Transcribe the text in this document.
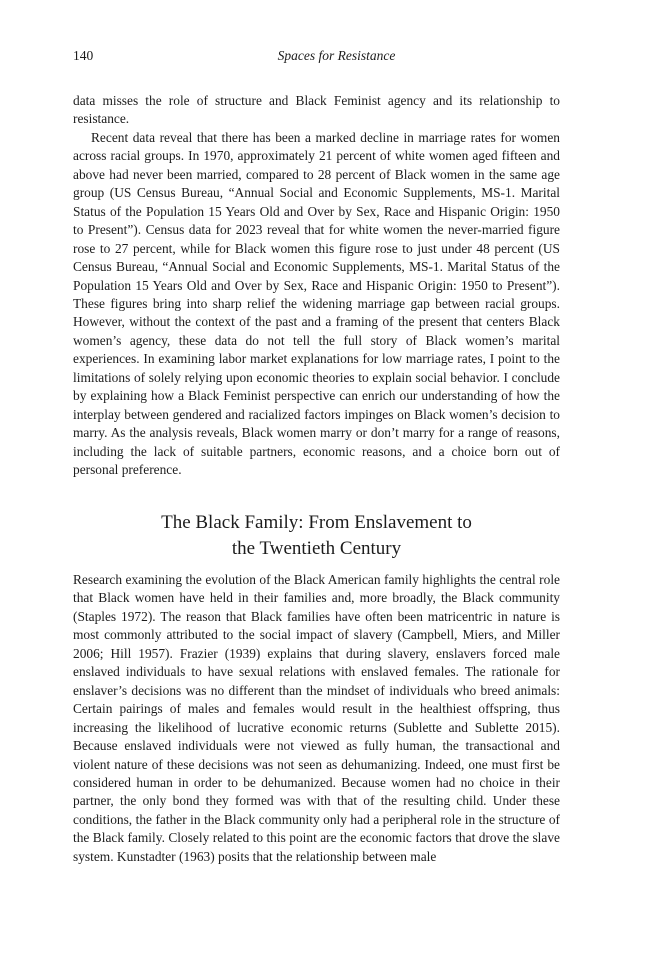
140	Spaces for Resistance

data misses the role of structure and Black Feminist agency and its relationship to resistance.

Recent data reveal that there has been a marked decline in marriage rates for women across racial groups. In 1970, approximately 21 percent of white women aged fifteen and above had never been married, compared to 28 percent of Black women in the same age group (US Census Bureau, “Annual Social and Economic Supplements, MS-1. Marital Status of the Population 15 Years Old and Over by Sex, Race and Hispanic Origin: 1950 to Present”). Census data for 2023 reveal that for white women the never-married figure rose to 27 percent, while for Black women this figure rose to just under 48 percent (US Census Bureau, “Annual Social and Economic Supplements, MS-1. Marital Status of the Population 15 Years Old and Over by Sex, Race and Hispanic Origin: 1950 to Present”). These figures bring into sharp relief the widening marriage gap between racial groups. However, without the context of the past and a framing of the present that centers Black women’s agency, these data do not tell the full story of Black women’s marital experiences. In examining labor market explanations for low marriage rates, I point to the limitations of solely relying upon economic theories to explain social behavior. I conclude by explaining how a Black Feminist perspective can enrich our understanding of how the interplay between gendered and racialized factors impinges on Black women’s decision to marry. As the analysis reveals, Black women marry or don’t marry for a range of reasons, including the lack of suitable partners, economic reasons, and a choice born out of personal preference.

The Black Family: From Enslavement to
the Twentieth Century

Research examining the evolution of the Black American family highlights the central role that Black women have held in their families and, more broadly, the Black community (Staples 1972). The reason that Black families have often been matricentric in nature is most commonly attributed to the social impact of slavery (Campbell, Miers, and Miller 2006; Hill 1957). Frazier (1939) explains that during slavery, enslavers forced male enslaved individuals to have sexual relations with enslaved females. The rationale for enslaver’s decisions was no different than the mindset of individuals who breed animals: Certain pairings of males and females would result in the healthiest offspring, thus increasing the likelihood of lucrative economic returns (Sublette and Sublette 2015). Because enslaved individuals were not viewed as fully human, the transactional and violent nature of these decisions was not seen as dehumanizing. Indeed, one must first be considered human in order to be dehumanized. Because women had no choice in their partner, the only bond they formed was with that of the resulting child. Under these conditions, the father in the Black community only had a peripheral role in the structure of the Black family. Closely related to this point are the economic factors that drove the slave system. Kunstadter (1963) posits that the relationship between male
